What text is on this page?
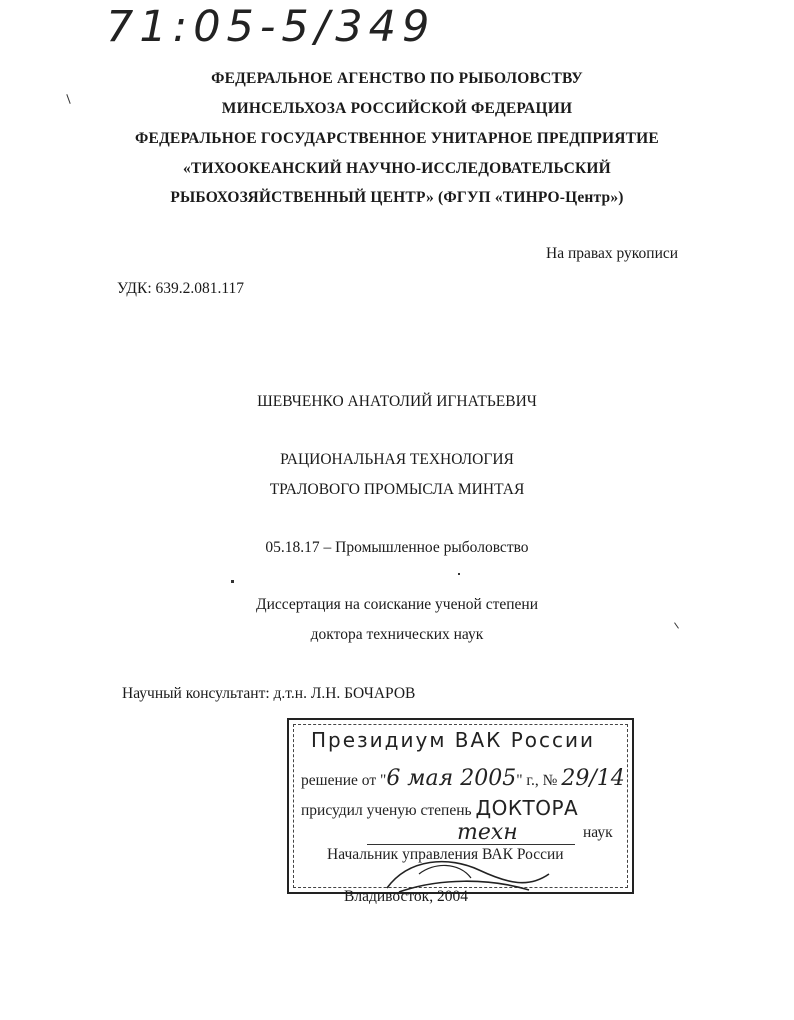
71:05-5/349
ФЕДЕРАЛЬНОЕ АГЕНСТВО ПО РЫБОЛОВСТВУ
МИНСЕЛЬХОЗА РОССИЙСКОЙ ФЕДЕРАЦИИ
ФЕДЕРАЛЬНОЕ ГОСУДАРСТВЕННОЕ УНИТАРНОЕ ПРЕДПРИЯТИЕ
«ТИХООКЕАНСКИЙ НАУЧНО-ИССЛЕДОВАТЕЛЬСКИЙ
РЫБОХОЗЯЙСТВЕННЫЙ ЦЕНТР» (ФГУП «ТИНРО-Центр»)
На правах рукописи
УДК: 639.2.081.117
ШЕВЧЕНКО АНАТОЛИЙ ИГНАТЬЕВИЧ
РАЦИОНАЛЬНАЯ ТЕХНОЛОГИЯ
ТРАЛОВОГО ПРОМЫСЛА МИНТАЯ
05.18.17 – Промышленное рыболовство
Диссертация на соискание ученой степени
доктора технических наук
Научный консультант: д.т.н. Л.Н. БОЧАРОВ
Президиум ВАК России
решение от "6 мая 2005" г., № 29/14
присудил ученую степень ДОКТОРА
техн	наук
Начальник управления ВАК России
Владивосток, 2004
